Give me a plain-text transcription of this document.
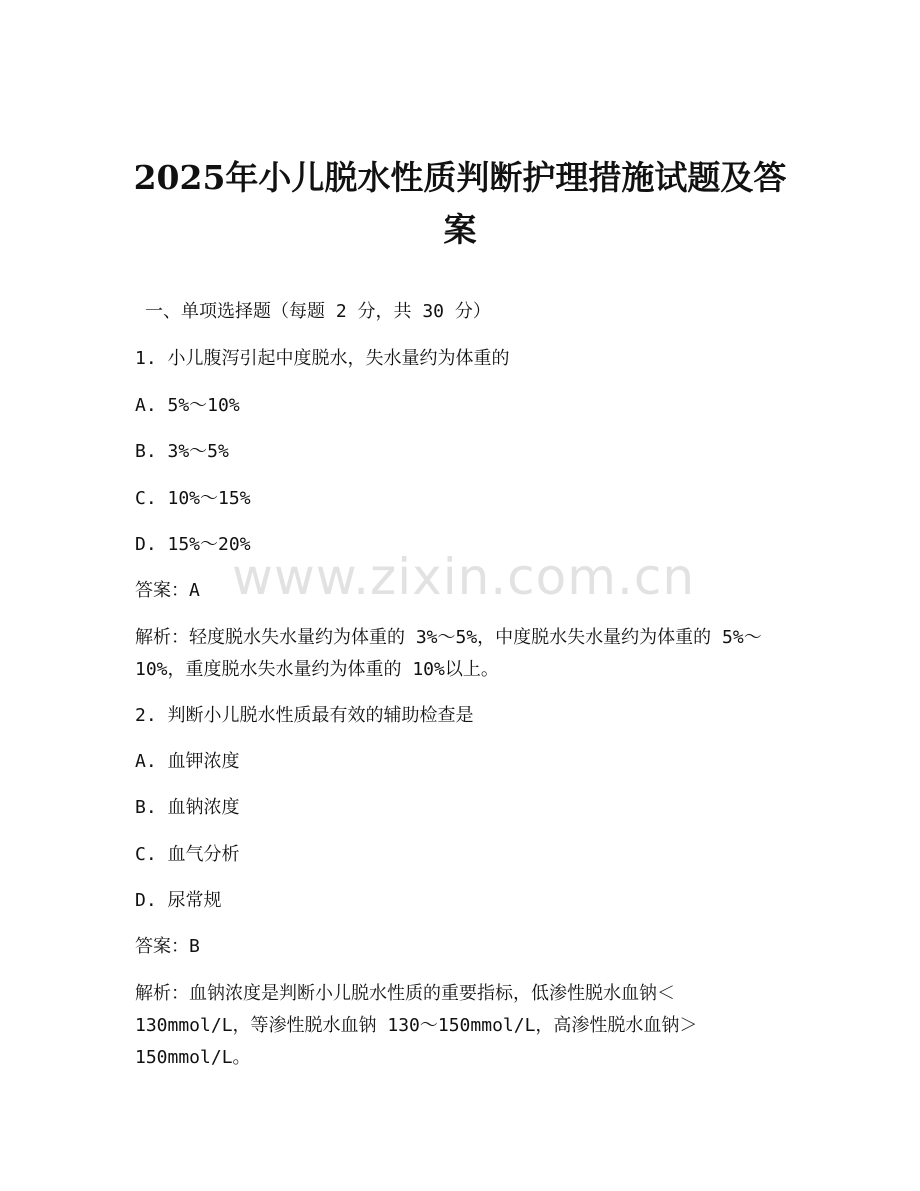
2025年小儿脱水性质判断护理措施试题及答案
一、单项选择题（每题 2 分，共 30 分）
1. 小儿腹泻引起中度脱水，失水量约为体重的
A. 5%～10%
B. 3%～5%
C. 10%～15%
D. 15%～20%
答案：A
解析：轻度脱水失水量约为体重的 3%～5%，中度脱水失水量约为体重的 5%～10%，重度脱水失水量约为体重的 10%以上。
2. 判断小儿脱水性质最有效的辅助检查是
A. 血钾浓度
B. 血钠浓度
C. 血气分析
D. 尿常规
答案：B
解析：血钠浓度是判断小儿脱水性质的重要指标，低渗性脱水血钠＜130mmol/L，等渗性脱水血钠 130～150mmol/L，高渗性脱水血钠＞150mmol/L。
www.zixin.com.cn
